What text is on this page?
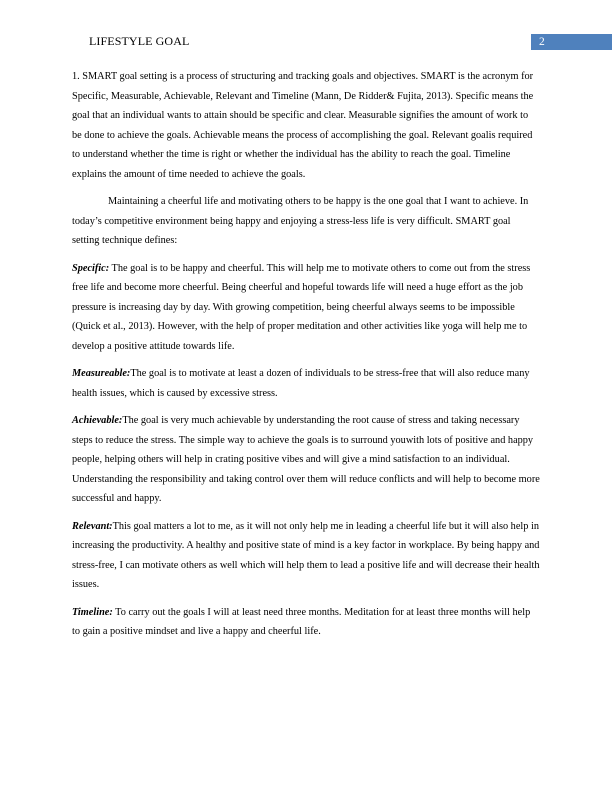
LIFESTYLE GOAL	2

1. SMART goal setting is a process of structuring and tracking goals and objectives. SMART is the acronym for Specific, Measurable, Achievable, Relevant and Timeline (Mann, De Ridder& Fujita, 2013). Specific means the goal that an individual wants to attain should be specific and clear. Measurable signifies the amount of work to be done to achieve the goals. Achievable means the process of accomplishing the goal. Relevant goalis required to understand whether the time is right or whether the individual has the ability to reach the goal. Timeline explains the amount of time needed to achieve the goals.

Maintaining a cheerful life and motivating others to be happy is the one goal that I want to achieve. In today’s competitive environment being happy and enjoying a stress-less life is very difficult. SMART goal setting technique defines:

Specific: The goal is to be happy and cheerful. This will help me to motivate others to come out from the stress free life and become more cheerful. Being cheerful and hopeful towards life will need a huge effort as the job pressure is increasing day by day. With growing competition, being cheerful always seems to be impossible (Quick et al., 2013). However, with the help of proper meditation and other activities like yoga will help me to develop a positive attitude towards life.

Measureable:The goal is to motivate at least a dozen of individuals to be stress-free that will also reduce many health issues, which is caused by excessive stress.

Achievable:The goal is very much achievable by understanding the root cause of stress and taking necessary steps to reduce the stress. The simple way to achieve the goals is to surround youwith lots of positive and happy people, helping others will help in crating positive vibes and will give a mind satisfaction to an individual. Understanding the responsibility and taking control over them will reduce conflicts and will help to become more successful and happy.

Relevant:This goal matters a lot to me, as it will not only help me in leading a cheerful life but it will also help in increasing the productivity. A healthy and positive state of mind is a key factor in workplace. By being happy and stress-free, I can motivate others as well which will help them to lead a positive life and will decrease their health issues.

Timeline: To carry out the goals I will at least need three months. Meditation for at least three months will help to gain a positive mindset and live a happy and cheerful life.
